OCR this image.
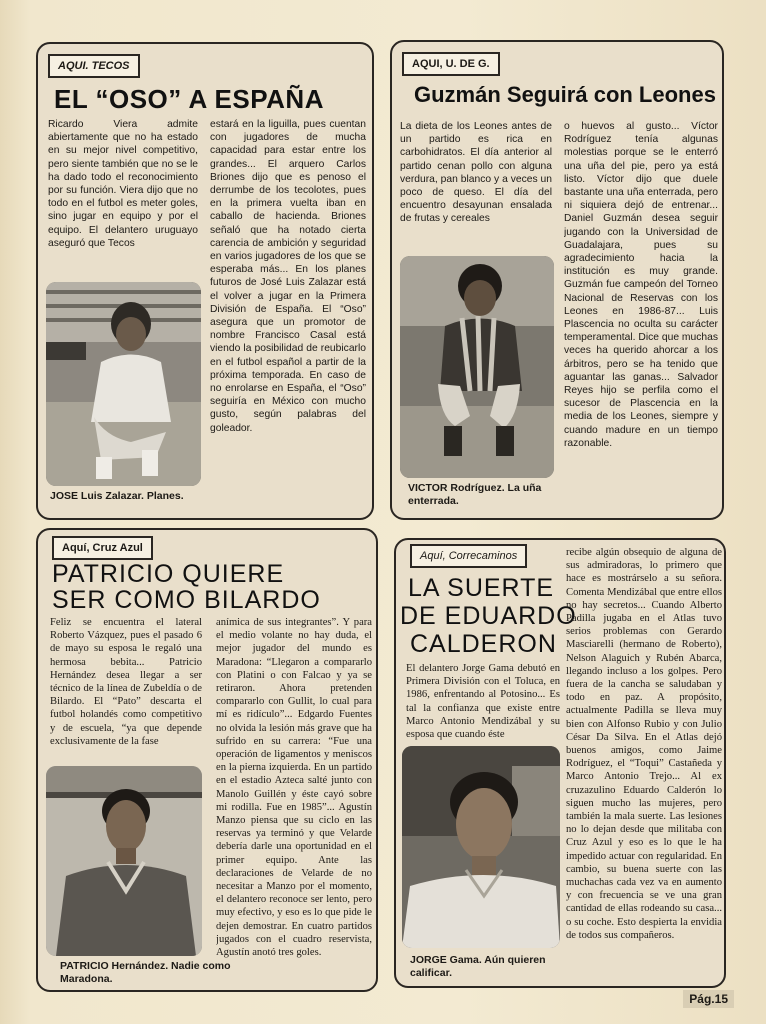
AQUI. TECOS
EL “OSO” A ESPAÑA
Ricardo Viera admite abiertamente que no ha estado en su mejor nivel competitivo, pero siente también que no se le ha dado todo el reconocimiento por su función. Viera dijo que no todo en el futbol es meter goles, sino jugar en equipo y por el equipo. El delantero uruguayo aseguró que Tecos
JOSE Luis Zalazar. Planes.
estará en la liguilla, pues cuentan con jugadores de mucha capacidad para estar entre los grandes... El arquero Carlos Briones dijo que es penoso el derrumbe de los tecolotes, pues en la primera vuelta iban en caballo de hacienda. Briones señaló que ha notado cierta carencia de ambición y seguridad en varios jugadores de los que se esperaba más... En los planes futuros de José Luis Zalazar está el volver a jugar en la Primera División de España. El “Oso” asegura que un promotor de nombre Francisco Casal está viendo la posibilidad de reubicarlo en el futbol español a partir de la próxima temporada. En caso de no enrolarse en España, el “Oso” seguiría en México con mucho gusto, según palabras del goleador.
AQUI, U. DE G.
Guzmán Seguirá con Leones
La dieta de los Leones antes de un partido es rica en carbohidratos. El día anterior al partido cenan pollo con alguna verdura, pan blanco y a veces un poco de queso. El día del encuentro desayunan ensalada de frutas y cereales
VICTOR Rodríguez. La uña enterrada.
o huevos al gusto... Víctor Rodríguez tenía algunas molestias porque se le enterró una uña del pie, pero ya está listo. Víctor dijo que duele bastante una uña enterrada, pero ni siquiera dejó de entrenar... Daniel Guzmán desea seguir jugando con la Universidad de Guadalajara, pues su agradecimiento hacia la institución es muy grande. Guzmán fue campeón del Torneo Nacional de Reservas con los Leones en 1986-87... Luis Plascencia no oculta su carácter temperamental. Dice que muchas veces ha querido ahorcar a los árbitros, pero se ha tenido que aguantar las ganas... Salvador Reyes hijo se perfila como el sucesor de Plascencia en la media de los Leones, siempre y cuando madure en un tiempo razonable.
Aquí, Cruz Azul
PATRICIO QUIERE
SER COMO BILARDO
Feliz se encuentra el lateral Roberto Vázquez, pues el pasado 6 de mayo su esposa le regaló una hermosa bebita... Patricio Hernández desea llegar a ser técnico de la línea de Zubeldía o de Bilardo. El “Pato” descarta el futbol holandés como competitivo y de escuela, “ya que depende exclusivamente de la fase
PATRICIO Hernández. Nadie como Maradona.
anímica de sus integrantes”. Y para el medio volante no hay duda, el mejor jugador del mundo es Maradona: “Llegaron a compararlo con Platini o con Falcao y ya se retiraron. Ahora pretenden compararlo con Gullit, lo cual para mí es ridículo”... Edgardo Fuentes no olvida la lesión más grave que ha sufrido en su carrera: “Fue una operación de ligamentos y meniscos en la pierna izquierda. En un partido en el estadio Azteca salté junto con Manolo Guillén y éste cayó sobre mi rodilla. Fue en 1985”... Agustín Manzo piensa que su ciclo en las reservas ya terminó y que Velarde debería darle una oportunidad en el primer equipo. Ante las declaraciones de Velarde de no necesitar a Manzo por el momento, el delantero reconoce ser lento, pero muy efectivo, y eso es lo que pide le dejen demostrar. En cuatro partidos jugados con el cuadro reservista, Agustín anotó tres goles.
Aquí, Correcaminos
LA SUERTE
DE EDUARDO
CALDERON
El delantero Jorge Gama debutó en Primera División con el Toluca, en 1986, enfrentando al Potosino... Es tal la confianza que existe entre Marco Antonio Mendizábal y su esposa que cuando éste
JORGE Gama. Aún quieren calificar.
recibe algún obsequio de alguna de sus admiradoras, lo primero que hace es mostrárselo a su señora. Comenta Mendizábal que entre ellos no hay secretos... Cuando Alberto Padilla jugaba en el Atlas tuvo serios problemas con Gerardo Masciarelli (hermano de Roberto), Nelson Alaguich y Rubén Abarca, llegando incluso a los golpes. Pero fuera de la cancha se saludaban y todo en paz. A propósito, actualmente Padilla se lleva muy bien con Alfonso Rubio y con Julio César Da Silva. En el Atlas dejó buenos amigos, como Jaime Rodríguez, el “Toqui” Castañeda y Marco Antonio Trejo... Al ex cruzazulino Eduardo Calderón lo siguen mucho las mujeres, pero también la mala suerte. Las lesiones no lo dejan desde que militaba con Cruz Azul y eso es lo que le ha impedido actuar con regularidad. En cambio, su buena suerte con las muchachas cada vez va en aumento y con frecuencia se ve una gran cantidad de ellas rodeando su casa... o su coche. Esto despierta la envidia de todos sus compañeros.
Pág.15
